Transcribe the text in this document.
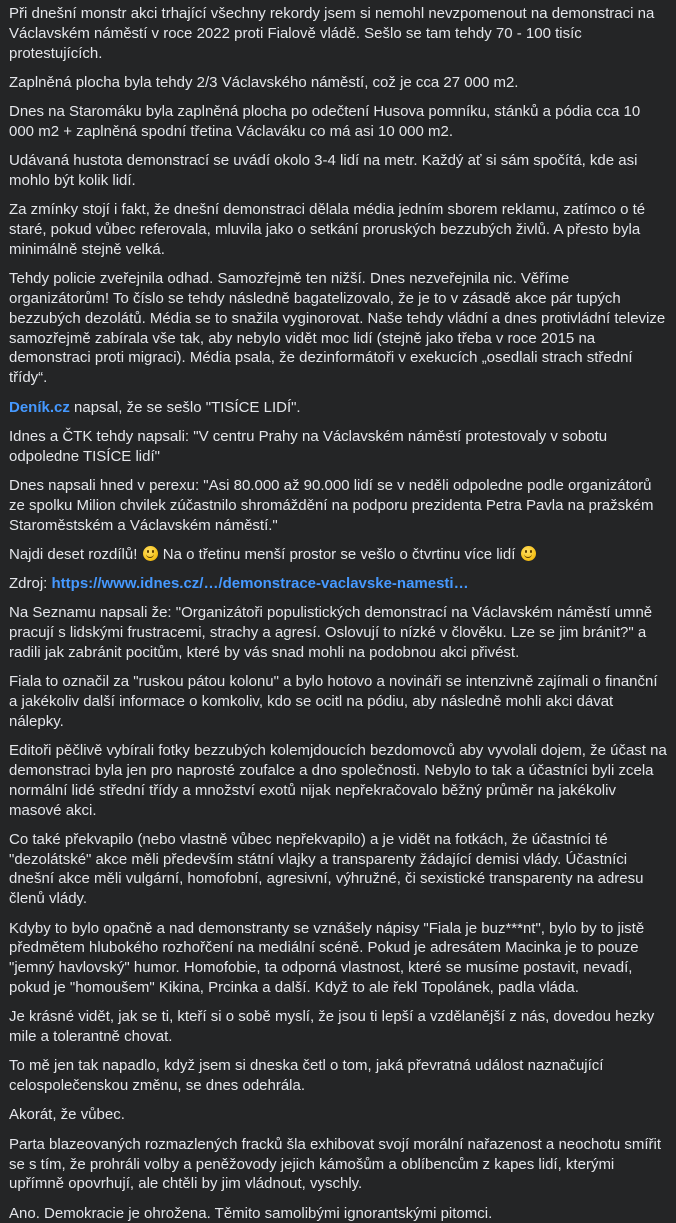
Při dnešní monstr akci trhající všechny rekordy jsem si nemohl nevzpomenout na demonstraci na Václavském náměstí v roce 2022 proti Fialově vládě. Sešlo se tam tehdy 70 - 100 tisíc protestujících.

Zaplněná plocha byla tehdy 2/3 Václavského náměstí, což je cca 27 000 m2.

Dnes na Staromáku byla zaplněná plocha po odečtení Husova pomníku, stánků a pódia cca 10 000 m2 + zaplněná spodní třetina Václaváku co má asi 10 000 m2.

Udávaná hustota demonstrací se uvádí okolo 3-4 lidí na metr. Každý ať si sám spočítá, kde asi mohlo být kolik lidí.

Za zmínky stojí i fakt, že dnešní demonstraci dělala média jedním sborem reklamu, zatímco o té staré, pokud vůbec referovala, mluvila jako o setkání proruských bezzubých živlů. A přesto byla minimálně stejně velká.

Tehdy policie zveřejnila odhad. Samozřejmě ten nižší. Dnes nezveřejnila nic. Věříme organizátorům! To číslo se tehdy následně bagatelizovalo, že je to v zásadě akce pár tupých bezzubých dezolátů. Média se to snažila vyginorovat. Naše tehdy vládní a dnes protivládní televize samozřejmě zabírala vše tak, aby nebylo vidět moc lidí (stejně jako třeba v roce 2015 na demonstraci proti migraci). Média psala, že dezinformátoři v exekucích „osedlali strach střední třídy“.

Deník.cz napsal, že se sešlo "TISÍCE LIDÍ".

Idnes a ČTK tehdy napsali: "V centru Prahy na Václavském náměstí protestovaly v sobotu odpoledne TISÍCE lidí"

Dnes napsali hned v perexu: "Asi 80.000 až 90.000 lidí se v neděli odpoledne podle organizátorů ze spolku Milion chvilek zúčastnilo shromáždění na podporu prezidenta Petra Pavla na pražském Staroměstském a Václavském náměstí."

Najdi deset rozdílů!  Na o třetinu menší prostor se vešlo o čtvrtinu více lidí

Zdroj: https://www.idnes.cz/…/demonstrace-vaclavske-namesti…

Na Seznamu napsali že: "Organizátoři populistických demonstrací na Václavském náměstí umně pracují s lidskými frustracemi, strachy a agresí. Oslovují to nízké v člověku. Lze se jim bránit?" a radili jak zabránit pocitům, které by vás snad mohli na podobnou akci přivést.

Fiala to označil za "ruskou pátou kolonu" a bylo hotovo a novináři se intenzivně zajímali o finanční a jakékoliv další informace o komkoliv, kdo se ocitl na pódiu, aby následně mohli akci dávat nálepky.

Editoři pěčlivě vybírali fotky bezzubých kolemjdoucích bezdomovců aby vyvolali dojem, že účast na demonstraci byla jen pro naprosté zoufalce a dno společnosti. Nebylo to tak a účastníci byli zcela normální lidé střední třídy a množství exotů nijak nepřekračovalo běžný průměr na jakékoliv masové akci.

Co také překvapilo (nebo vlastně vůbec nepřekvapilo) a je vidět na fotkách, že účastníci té "dezolátské" akce měli především státní vlajky a transparenty žádající demisi vlády. Účastníci dnešní akce měli vulgární, homofobní, agresivní, výhružné, či sexistické transparenty na adresu členů vlády.

Kdyby to bylo opačně a nad demonstranty se vznášely nápisy "Fiala je buz***nt", bylo by to jistě předmětem hlubokého rozhořčení na mediální scéně. Pokud je adresátem Macinka je to pouze "jemný havlovský" humor. Homofobie, ta odporná vlastnost, které se musíme postavit, nevadí, pokud je "homoušem" Kikina, Prcinka a další. Když to ale řekl Topolánek, padla vláda.

Je krásné vidět, jak se ti, kteří si o sobě myslí, že jsou ti lepší a vzdělanější z nás, dovedou hezky mile a tolerantně chovat.

To mě jen tak napadlo, když jsem si dneska četl o tom, jaká převratná událost naznačující celospolečenskou změnu, se dnes odehrála.

Akorát, že vůbec.

Parta blazeovaných rozmazlených fracků šla exhibovat svojí morální nařazenost a neochotu smířit se s tím, že prohráli volby a peněžovody jejich kámošům a oblíbencům z kapes lidí, kterými upřímně opovrhují, ale chtěli by jim vládnout, vyschly.

Ano. Demokracie je ohrožena. Těmito samolibými ignorantskými pitomci.
